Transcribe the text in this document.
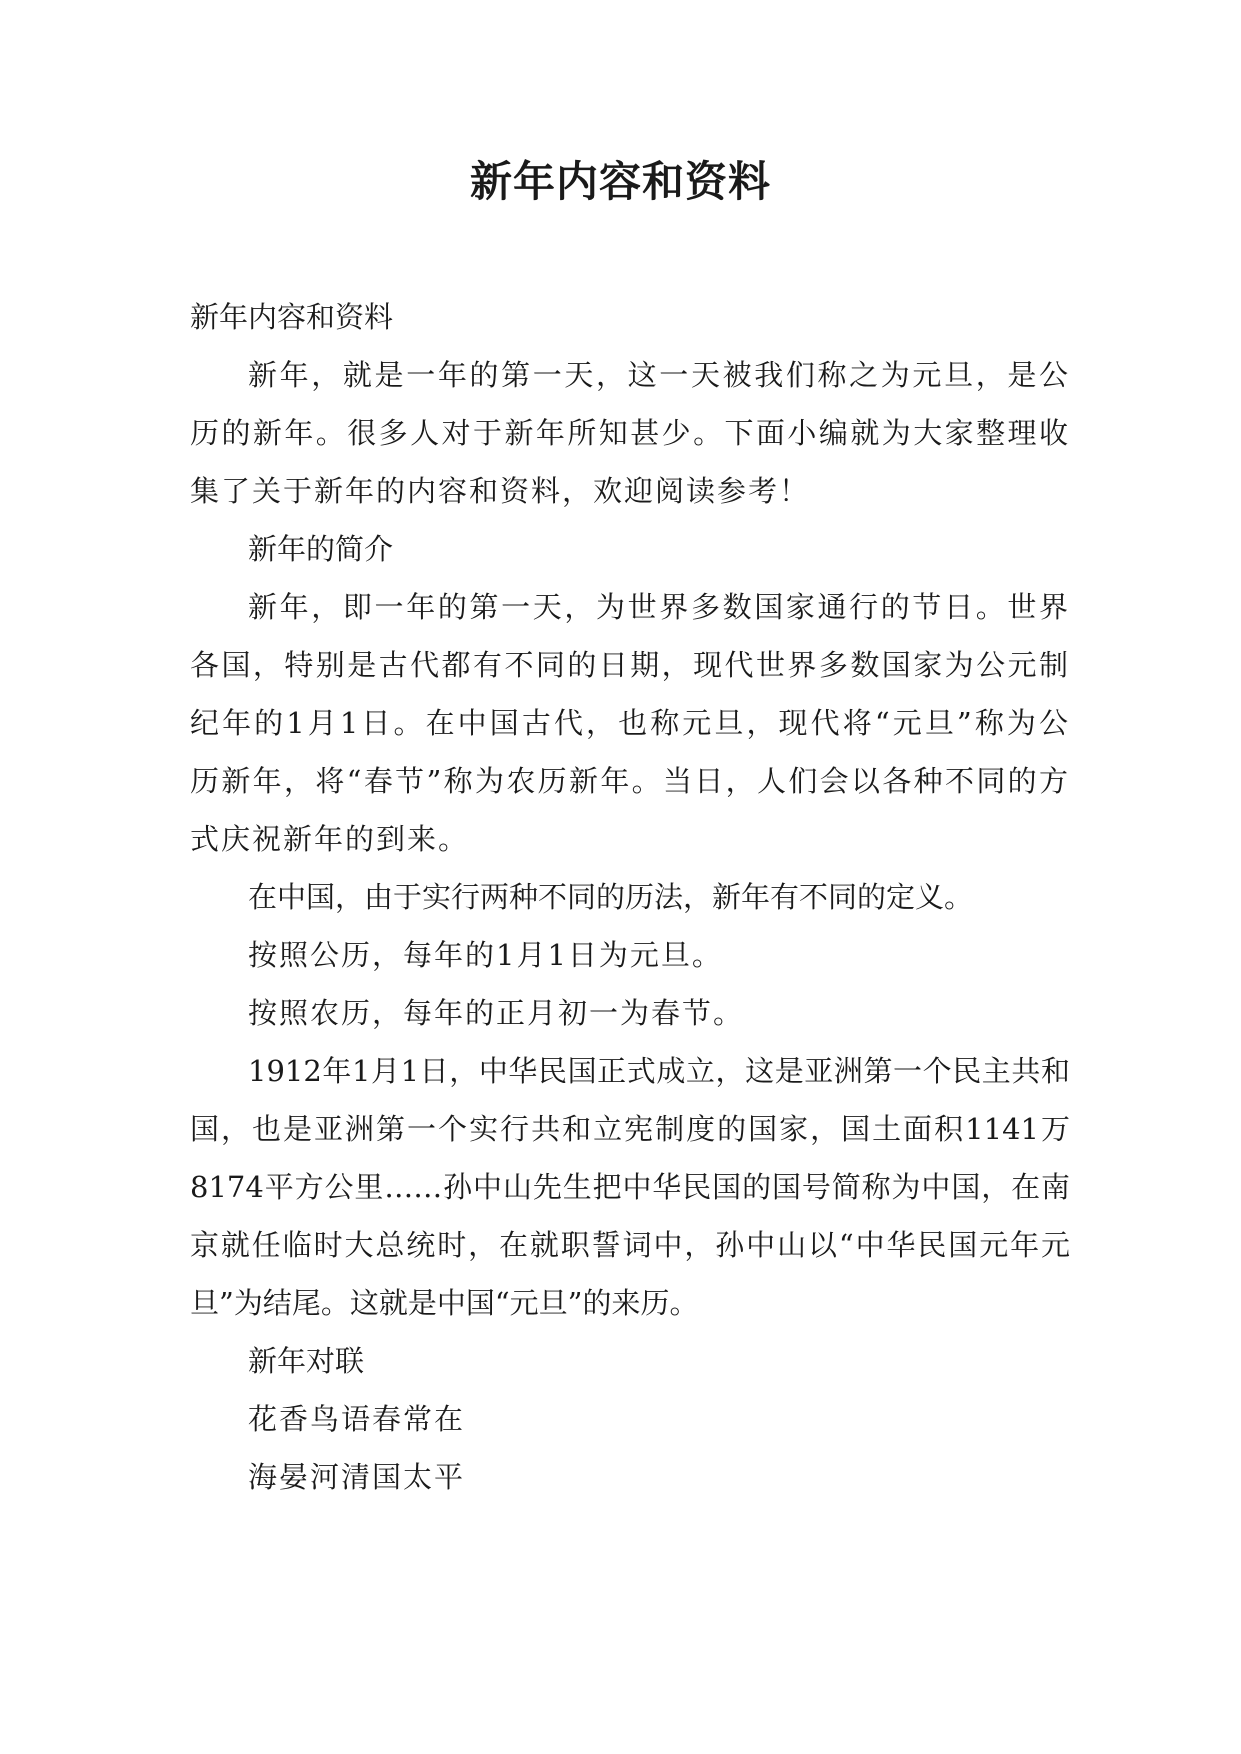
新年内容和资料

新年内容和资料

新年，就是一年的第一天，这一天被我们称之为元旦，是公历的新年。很多人对于新年所知甚少。下面小编就为大家整理收集了关于新年的内容和资料，欢迎阅读参考！

新年的简介

新年，即一年的第一天，为世界多数国家通行的节日。世界各国，特别是古代都有不同的日期，现代世界多数国家为公元制纪年的1月1日。在中国古代，也称元旦，现代将“元旦”称为公历新年，将“春节”称为农历新年。当日，人们会以各种不同的方式庆祝新年的到来。

在中国，由于实行两种不同的历法，新年有不同的定义。

按照公历，每年的1月1日为元旦。

按照农历，每年的正月初一为春节。

1912年1月1日，中华民国正式成立，这是亚洲第一个民主共和国，也是亚洲第一个实行共和立宪制度的国家，国土面积1141万8174平方公里……孙中山先生把中华民国的国号简称为中国，在南京就任临时大总统时，在就职誓词中，孙中山以“中华民国元年元旦”为结尾。这就是中国“元旦”的来历。

新年对联

花香鸟语春常在

海晏河清国太平
